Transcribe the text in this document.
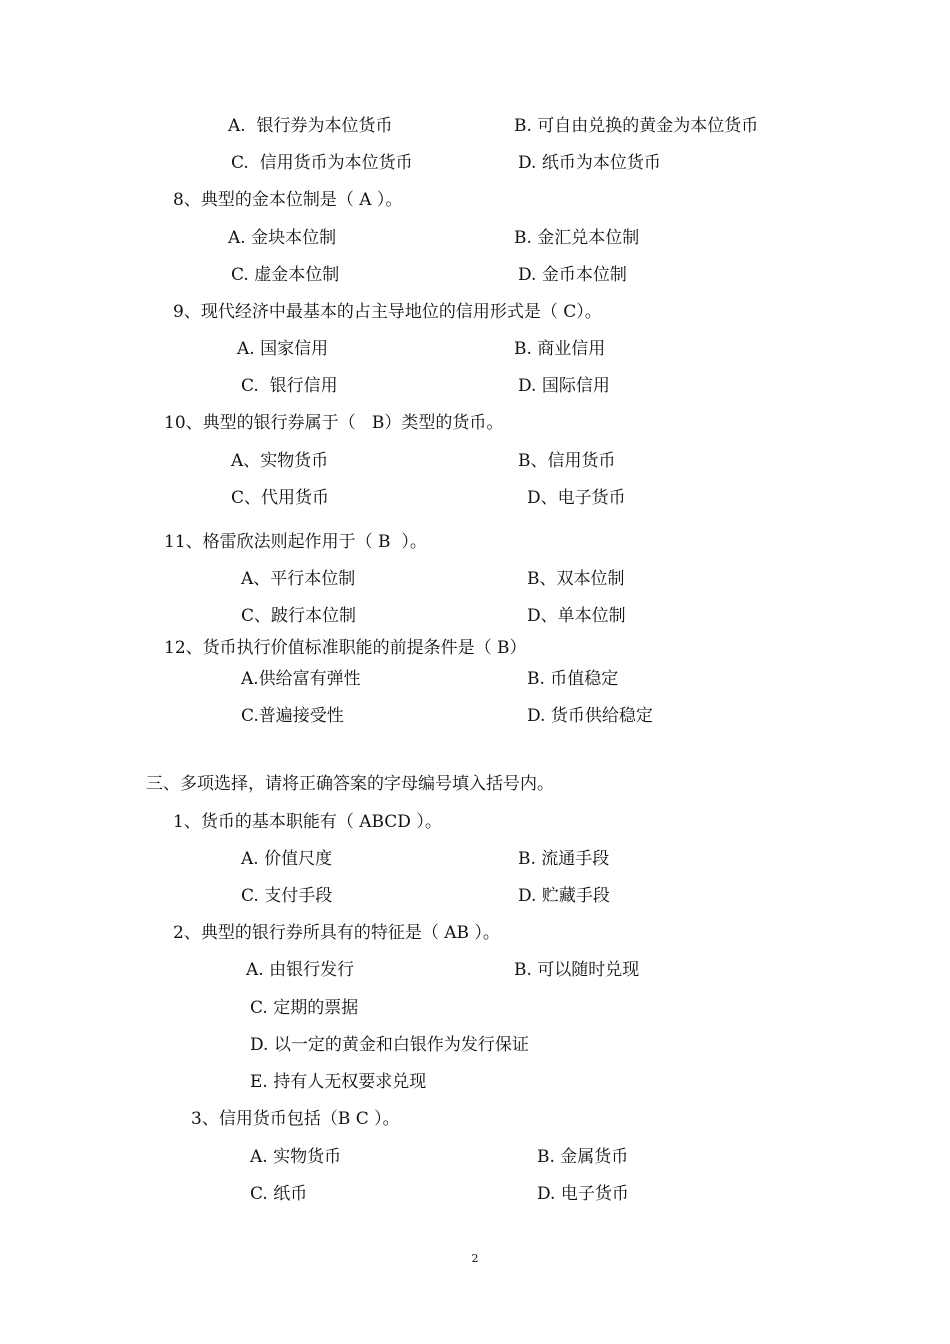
A.  银行券为本位货币	B. 可自由兑换的黄金为本位货币
C.  信用货币为本位货币	D. 纸币为本位货币
8、典型的金本位制是（ A ）。
A. 金块本位制	B. 金汇兑本位制
C. 虚金本位制	D. 金币本位制
9、现代经济中最基本的占主导地位的信用形式是（ C）。
A. 国家信用	B. 商业信用
C.  银行信用	D. 国际信用
10、典型的银行券属于（   B）类型的货币。
A、实物货币	B、信用货币
C、代用货币	D、电子货币
11、格雷欣法则起作用于（ B  ）。
A、平行本位制	B、双本位制
C、跛行本位制	D、单本位制
12、货币执行价值标准职能的前提条件是（ B）
A.供给富有弹性	B. 币值稳定
C.普遍接受性	D. 货币供给稳定
三、多项选择，请将正确答案的字母编号填入括号内。
1、货币的基本职能有（ ABCD ）。
A. 价值尺度	B. 流通手段
C. 支付手段	D. 贮藏手段
2、典型的银行券所具有的特征是（ AB ）。
A. 由银行发行	B. 可以随时兑现
C. 定期的票据
D. 以一定的黄金和白银作为发行保证
E. 持有人无权要求兑现
3、信用货币包括（B C ）。
A. 实物货币	B. 金属货币
C. 纸币	D. 电子货币
2
